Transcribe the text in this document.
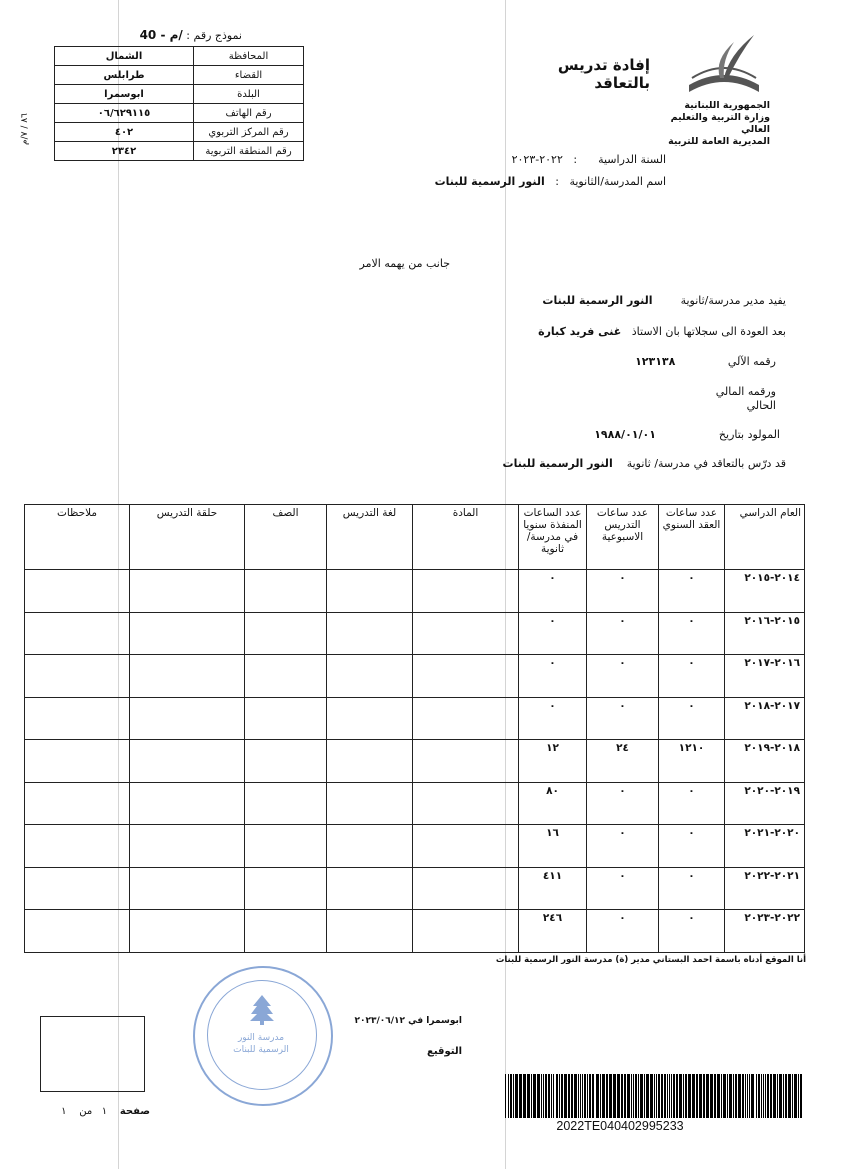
نموذج رقم : /م - 40
المحافظة	الشمال
القضاء	طرابلس
البلدة	ابوسمرا
رقم الهاتف	٠٦/٦٢٩١١٥
رقم المركز التربوي	٤٠٢
رقم المنطقة التربوية	٢٣٤٢
٨٦ / ٧/م
الجمهورية اللبنانية
وزارة التربية والتعليم العالي
المديرية العامة للتربية
إفادة تدريس بالتعاقد
السنة الدراسية      :   ٢٠٢٢-٢٠٢٣
اسم المدرسة/الثانوية   :   النور الرسمية للبنات
جانب من يهمه الامر
يفيد مدير مدرسة/ثانوية        النور الرسمية للبنات
بعد العودة الى سجلاتها بان الاستاذ   غنى فريد كبارة
رقمه الآلي               ١٢٣١٣٨
ورقمه المالي
الحالي
المولود بتاريخ                  ١٩٨٨/٠١/٠١
قد درّس بالتعاقد في مدرسة/ ثانوية    النور الرسمية للبنات
العام الدراسي	عدد ساعات العقد السنوي	عدد ساعات التدريس الاسبوعية	عدد الساعات المنفذة سنويا في مدرسة/ثانوية	المادة	لغة التدريس	الصف	حلقة التدريس	ملاحظات
٢٠١٤-٢٠١٥	٠	٠	٠					
٢٠١٥-٢٠١٦	٠	٠	٠					
٢٠١٦-٢٠١٧	٠	٠	٠					
٢٠١٧-٢٠١٨	٠	٠	٠					
٢٠١٨-٢٠١٩	١٢١٠	٢٤	١٢					
٢٠١٩-٢٠٢٠	٠	٠	٨٠					
٢٠٢٠-٢٠٢١	٠	٠	١٦					
٢٠٢١-٢٠٢٢	٠	٠	٤١١					
٢٠٢٢-٢٠٢٣	٠	٠	٢٤٦					
أنا الموقع أدناه باسمة احمد البستاني مدير (ة) مدرسة النور الرسمية للبنات
ابوسمرا في ٢٠٢٣/٠٦/١٢
التوقيع
مدرسة النور
الرسمية للبنات
صفحة    ١   من    ١
2022TE040402995233
